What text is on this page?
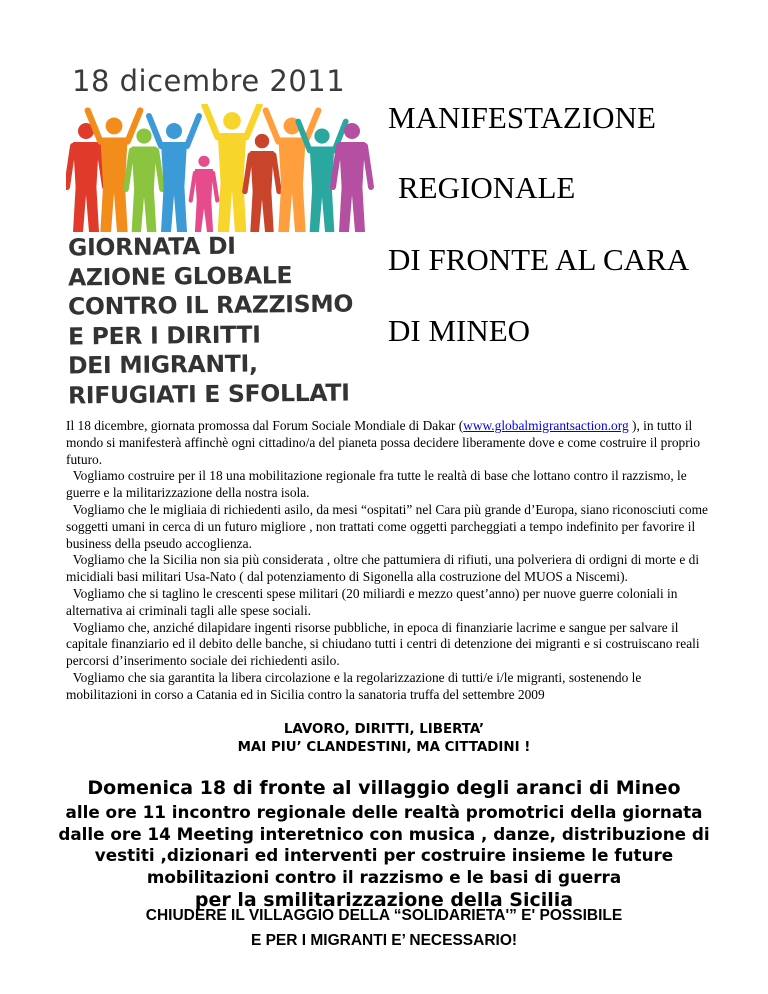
18 dicembre 2011
GIORNATA DI
AZIONE GLOBALE
CONTRO IL RAZZISMO
E PER I DIRITTI
DEI MIGRANTI,
RIFUGIATI E SFOLLATI
MANIFESTAZIONE
REGIONALE
DI FRONTE AL CARA
DI MINEO

Il 18 dicembre, giornata promossa dal Forum Sociale Mondiale di Dakar (www.globalmigrantsaction.org ), in tutto il mondo si manifesterà affinchè ogni cittadino/a del pianeta possa decidere liberamente dove e come costruire il proprio futuro.

Vogliamo costruire per il 18 una mobilitazione regionale fra tutte le realtà di base che lottano contro il razzismo, le guerre e la militarizzazione della nostra isola.

Vogliamo che le migliaia di richiedenti asilo, da mesi “ospitati” nel Cara più grande d’Europa, siano riconosciuti come soggetti umani in cerca di un futuro migliore , non trattati come oggetti parcheggiati a tempo indefinito per favorire il business della pseudo accoglienza.

Vogliamo che la Sicilia non sia più considerata , oltre che pattumiera di rifiuti, una polveriera di ordigni di morte e di micidiali basi militari Usa-Nato ( dal potenziamento di Sigonella alla costruzione del MUOS a Niscemi).

Vogliamo che si taglino le crescenti spese militari (20 miliardi e mezzo quest’anno) per nuove guerre coloniali in alternativa ai criminali tagli alle spese sociali.

Vogliamo che, anziché dilapidare ingenti risorse pubbliche, in epoca di finanziarie lacrime e sangue per salvare il capitale finanziario ed il debito delle banche, si chiudano tutti i centri di detenzione dei migranti e si costruiscano reali percorsi d’inserimento sociale dei richiedenti asilo.

Vogliamo che sia garantita la libera circolazione e la regolarizzazione di tutti/e i/le migranti, sostenendo le mobilitazioni in corso a Catania ed in Sicilia contro la sanatoria truffa del settembre 2009

LAVORO, DIRITTI, LIBERTA’
MAI PIU’ CLANDESTINI, MA CITTADINI !
Domenica 18 di fronte al villaggio degli aranci di Mineo
alle ore 11 incontro regionale delle realtà promotrici della giornata
dalle ore 14 Meeting interetnico con musica , danze, distribuzione di
vestiti ,dizionari ed interventi per costruire insieme le future
mobilitazioni contro il razzismo e le basi di guerra
per la smilitarizzazione della Sicilia
CHIUDERE IL VILLAGGIO DELLA “SOLIDARIETA'” E' POSSIBILE
E PER I MIGRANTI E’ NECESSARIO!
